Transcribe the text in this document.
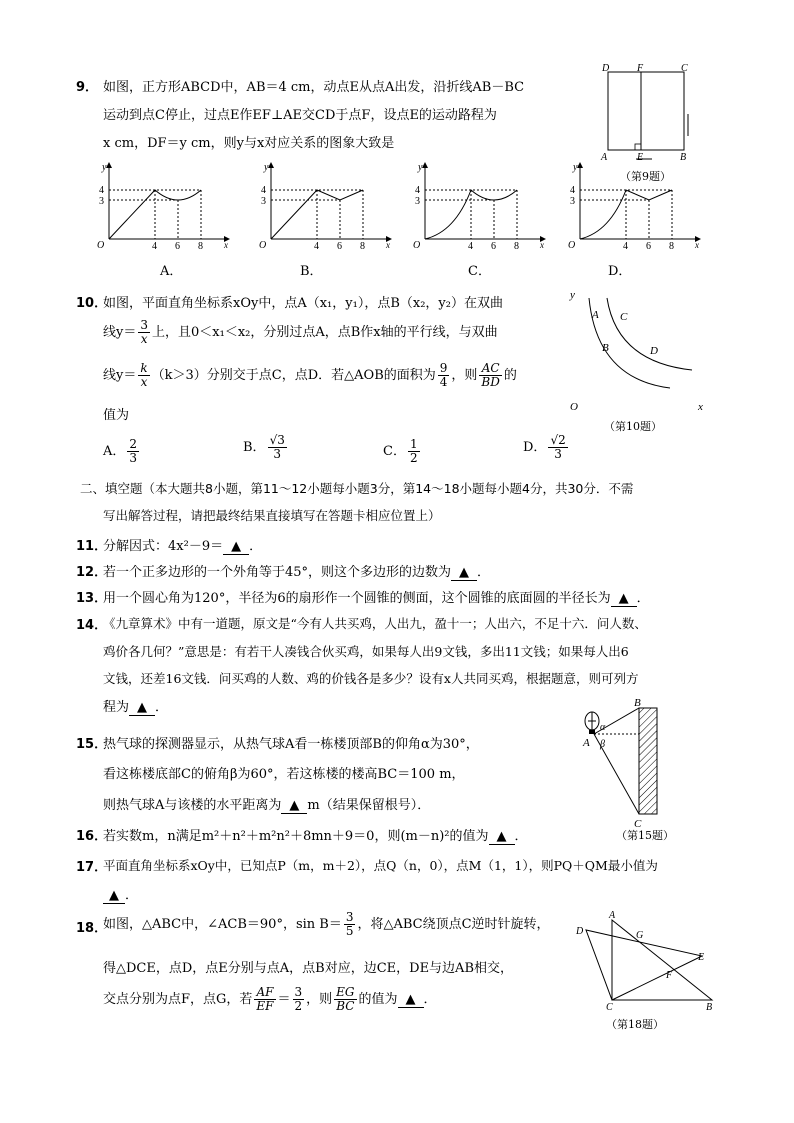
9． 如图，正方形ABCD中，AB＝4 cm，动点E从点A出发，沿折线AB－BC
运动到点C停止，过点E作EF⊥AE交CD于点F，设点E的运动路程为
x cm，DF＝y cm，则y与x对应关系的图象大致是
D	F	C
A	E	B
（第9题）
y
x
O
4
3
4 6 8
y
x
O
4
3
4 6 8
y
x
O
4
3
4 6 8
y
x
O
4
3
4 6 8
A．	B．	C．	D．
10．
如图，平面直角坐标系xOy中，点A（x₁，y₁），点B（x₂，y₂）在双曲
线$y= \frac{3}{x}$ 上，且0＜x₁＜x₂，分别过点A，点B作x轴的平行线，与双曲
线$y= \frac{k}{x} (k>3)$分别交于点C，点D．若△AOB的面积为 $\frac{9}{4}$ ，则 $\frac{AC}{BD}$ 的
值为
y
x
O
A C
B	D
（第10题）
A． $\frac{2}{3}$	B． $\frac{√3}{3}$	C． $\frac{1}{2}$	D． $\frac{√2}{3}$
二、填空题（本大题共8小题，第11～12小题每小题3分，第14～18小题每小题4分，共30分．不需
写出解答过程，请把最终结果直接填写在答题卡相应位置上）
11．
分解因式：4x²－9＝ ▲ ．
12．
若一个正多边形的一个外角等于45°，则这个多边形的边数为 ▲ ．
13．
用一个圆心角为120°，半径为6的扇形作一个圆锥的侧面，这个圆锥的底面圆的半径长为 ▲ ．
14．
《九章算术》中有一道题，原文是“今有人共买鸡，人出九，盈十一；人出六，不足十六．问人数、
鸡价各几何？”意思是：有若干人凑钱合伙买鸡，如果每人出9文钱，多出11文钱；如果每人出6
文钱，还差16文钱．问买鸡的人数、鸡的价钱各是多少？设有x人共同买鸡，根据题意，则可列方
程为 ▲ ．
15．
热气球的探测器显示，从热气球A看一栋楼顶部B的仰角α为30°，
看这栋楼底部C的俯角β为60°，若这栋楼的楼高BC＝100 m，
则热气球A与该楼的水平距离为 ▲ m（结果保留根号）．
B
C
A
α
β
（第15题）
16．
若实数m，n满足m²＋n²＋m²n²＋8mn＋9＝0，则(m－n)²的值为 ▲ ．
17．
平面直角坐标系xOy中，已知点P（m，m＋2），点Q（n，0），点M（1，1），则PQ＋QM最小值为
▲ ．
18．
如图，△ABC中，∠ACB＝90°，$\sin B= \frac{3}{5}$ ，将△ABC绕顶点C逆时针旋转，
得△DCE，点D，点E分别与点A，点B对应，边CE，DE与边AB相交，
交点分别为点F，点G，若 $\frac{AF}{EF} = \frac{3}{2}$ ，则 $\frac{EG}{BC}$ 的值为 ▲ ．
A
D	G
E
F
C	B
（第18题）
